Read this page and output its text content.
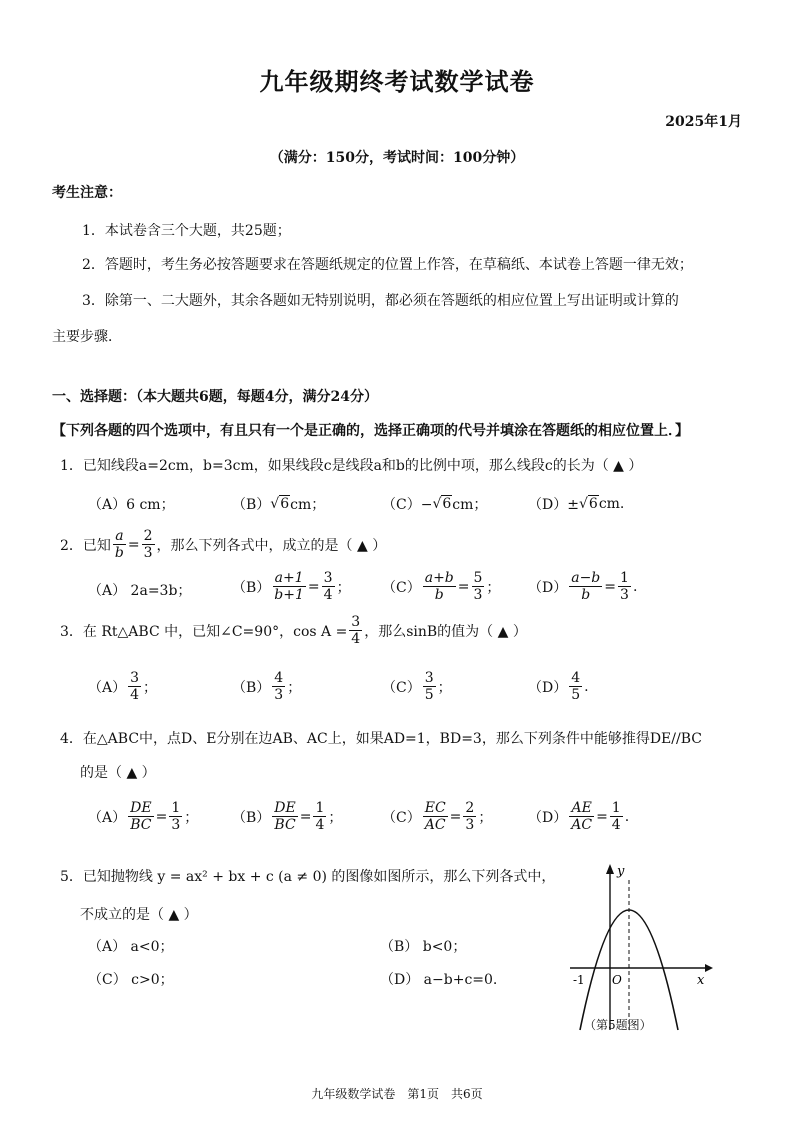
九年级期终考试数学试卷
2025年1月
（满分：150分，考试时间：100分钟）
考生注意：
1．本试卷含三个大题，共25题；
2．答题时，考生务必按答题要求在答题纸规定的位置上作答，在草稿纸、本试卷上答题一律无效；
3．除第一、二大题外，其余各题如无特别说明，都必须在答题纸的相应位置上写出证明或计算的
主要步骤．
一、选择题：（本大题共6题，每题4分，满分24分）
【下列各题的四个选项中，有且只有一个是正确的，选择正确项的代号并填涂在答题纸的相应位置上．】
1．已知线段a=2cm，b=3cm，如果线段c是线段a和b的比例中项，那么线段c的长为（ ▲ ）
（A）6 cm；	（B） √6 cm；	（C）− √6 cm；	（D）± √6 cm.
2．已知 $\frac{a}{b} = \frac{2}{3}$ ，那么下列各式中，成立的是（ ▲ ）
（A） 2a=3b；	$(B) \frac{a+1}{b+1} = \frac{3}{4}$ ； $(C) \frac{a+b}{b} = \frac{5}{3}$ ； $(D) \frac{a-b}{b} = \frac{1}{3}$ .
3．在 Rt△ABC 中，已知∠C=90°，$\cos A = \frac{3}{4}$ ，那么sinB的值为（ ▲ ）
$(A) \frac{3}{4}$ ；	$(B) \frac{4}{3}$ ；	$(C) \frac{3}{5}$ ；	$(D) \frac{4}{5}$ .
4．在△ABC中，点D、E分别在边AB、AC上，如果AD=1，BD=3，那么下列条件中能够推得DE//BC
的是（ ▲ ）
$(A) \frac{DE}{BC} = \frac{1}{3}$ ； $(B) \frac{DE}{BC} = \frac{1}{4}$ ；	$(C) \frac{EC}{AC} = \frac{2}{3}$ ；	$(D) \frac{AE}{AC} = \frac{1}{4}$ .
5．已知抛物线 y = ax² + bx + c (a ≠ 0) 的图像如图所示，那么下列各式中，
不成立的是（ ▲ ）
（A） a<0；	（B） b<0；
（C） c>0；	（D） a−b+c=0.
y
x
O
-1
（第5题图）
九年级数学试卷　第1页　共6页
